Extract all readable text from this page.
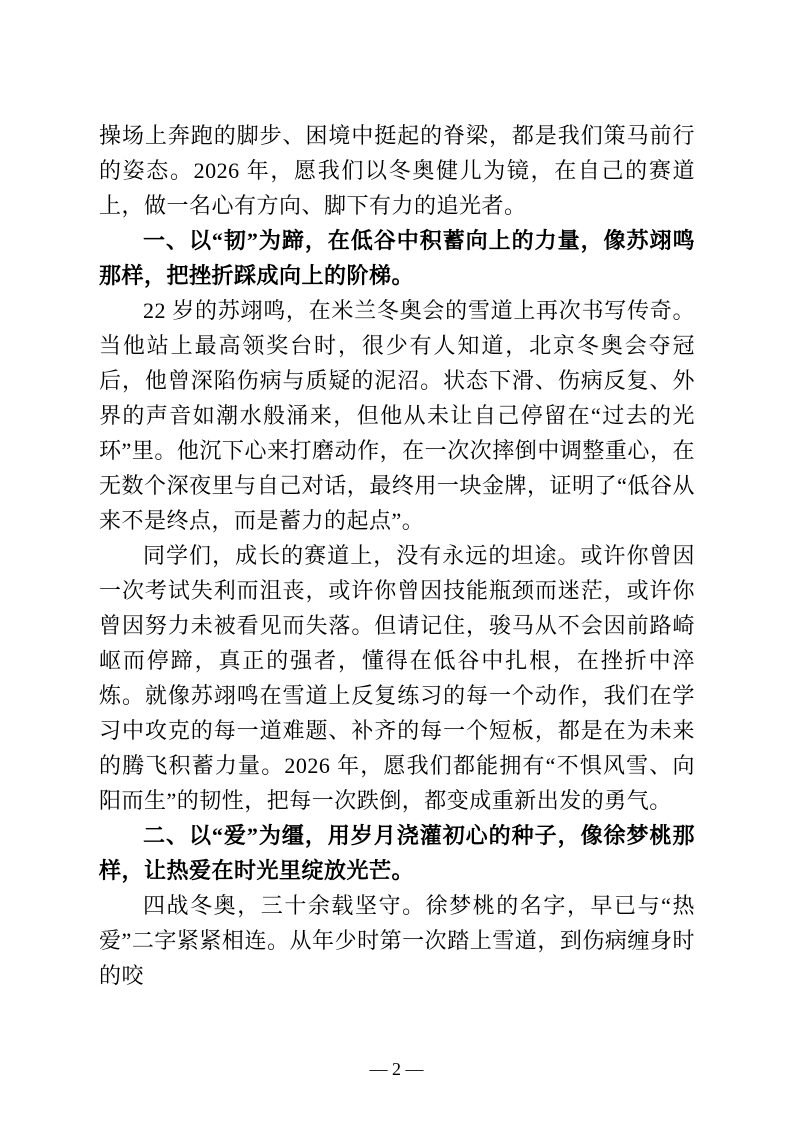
操场上奔跑的脚步、困境中挺起的脊梁，都是我们策马前行的姿态。2026 年，愿我们以冬奥健儿为镜，在自己的赛道上，做一名心有方向、脚下有力的追光者。

一、以“韧”为蹄，在低谷中积蓄向上的力量，像苏翊鸣那样，把挫折踩成向上的阶梯。

22 岁的苏翊鸣，在米兰冬奥会的雪道上再次书写传奇。当他站上最高领奖台时，很少有人知道，北京冬奥会夺冠后，他曾深陷伤病与质疑的泥沼。状态下滑、伤病反复、外界的声音如潮水般涌来，但他从未让自己停留在“过去的光环”里。他沉下心来打磨动作，在一次次摔倒中调整重心，在无数个深夜里与自己对话，最终用一块金牌，证明了“低谷从来不是终点，而是蓄力的起点”。

同学们，成长的赛道上，没有永远的坦途。或许你曾因一次考试失利而沮丧，或许你曾因技能瓶颈而迷茫，或许你曾因努力未被看见而失落。但请记住，骏马从不会因前路崎岖而停蹄，真正的强者，懂得在低谷中扎根，在挫折中淬炼。就像苏翊鸣在雪道上反复练习的每一个动作，我们在学习中攻克的每一道难题、补齐的每一个短板，都是在为未来的腾飞积蓄力量。2026 年，愿我们都能拥有“不惧风雪、向阳而生”的韧性，把每一次跌倒，都变成重新出发的勇气。

二、以“爱”为缰，用岁月浇灌初心的种子，像徐梦桃那样，让热爱在时光里绽放光芒。

四战冬奥，三十余载坚守。徐梦桃的名字，早已与“热爱”二字紧紧相连。从年少时第一次踏上雪道，到伤病缠身时的咬

— 2 —
